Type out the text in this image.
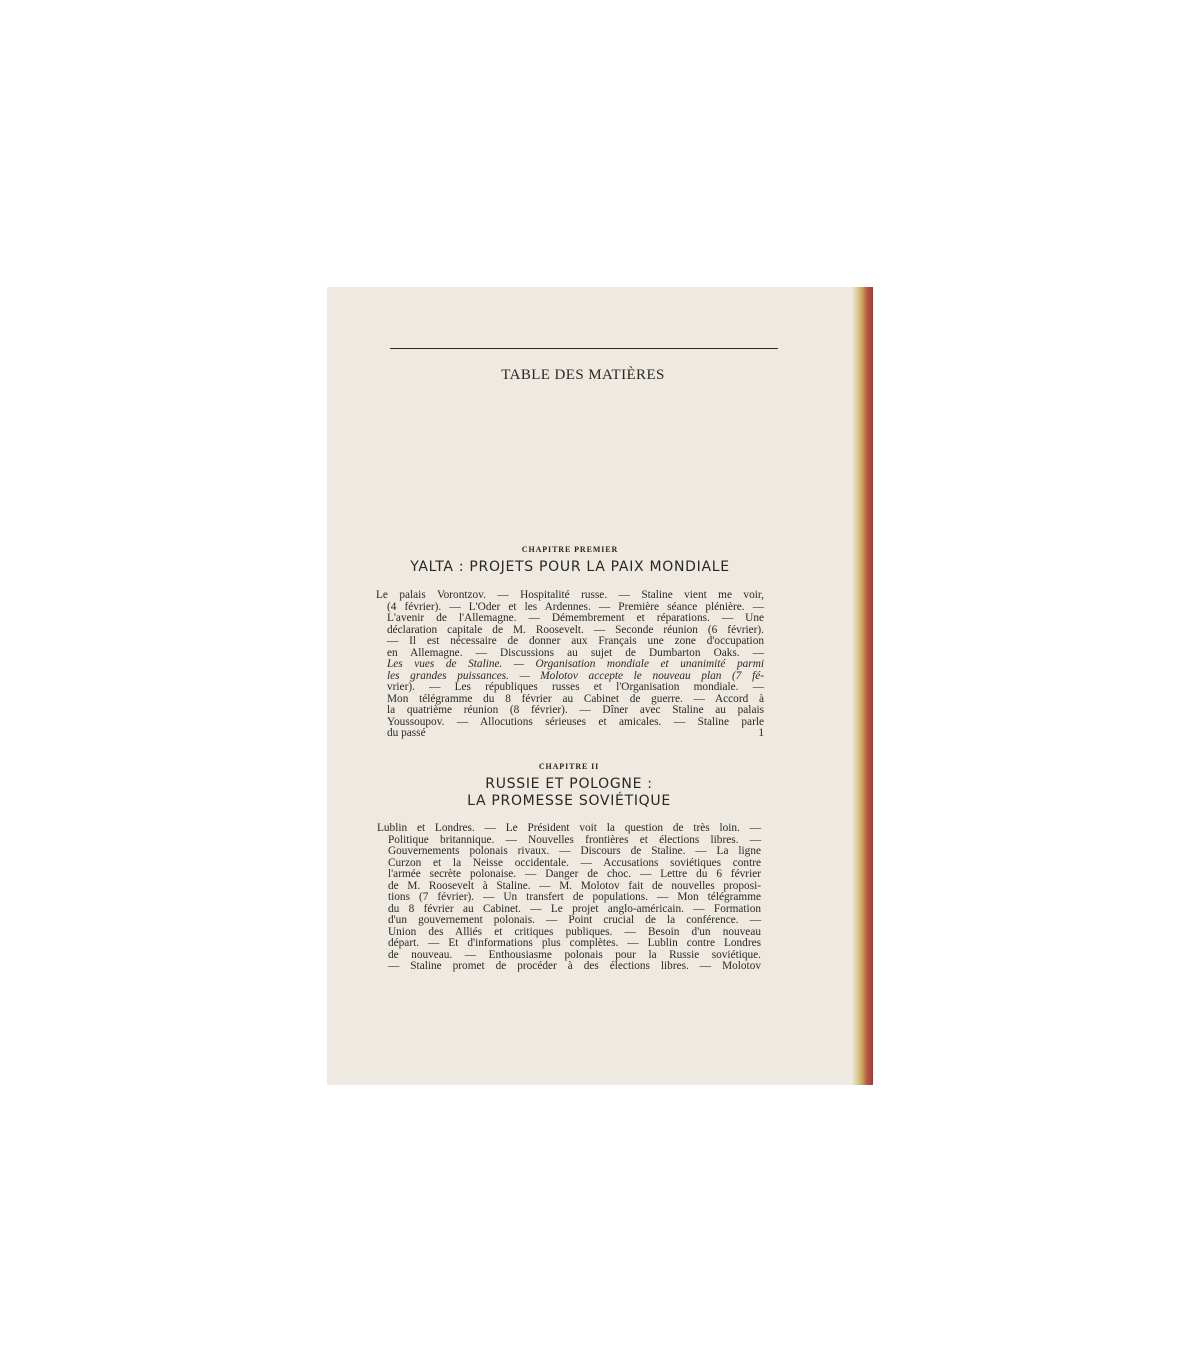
TABLE DES MATIÈRES
CHAPITRE PREMIER
YALTA : PROJETS POUR LA PAIX MONDIALE
Le palais Vorontzov. — Hospitalité russe. — Staline vient me voir,
(4 février). — L'Oder et les Ardennes. — Première séance plénière. —
L'avenir de l'Allemagne. — Démembrement et réparations. — Une
déclaration capitale de M. Roosevelt. — Seconde réunion (6 février).
— Il est nécessaire de donner aux Français une zone d'occupation
en Allemagne. — Discussions au sujet de Dumbarton Oaks. —
Les vues de Staline. — Organisation mondiale et unanimité parmi
les grandes puissances. — Molotov accepte le nouveau plan (7 fé-
vrier). — Les républiques russes et l'Organisation mondiale. —
Mon télégramme du 8 février au Cabinet de guerre. — Accord à
la quatrième réunion (8 février). — Dîner avec Staline au palais
Youssoupov. — Allocutions sérieuses et amicales. — Staline parle
du passé	1
CHAPITRE II
RUSSIE ET POLOGNE :
LA PROMESSE SOVIÉTIQUE
Lublin et Londres. — Le Président voit la question de très loin. —
Politique britannique. — Nouvelles frontières et élections libres. —
Gouvernements polonais rivaux. — Discours de Staline. — La ligne
Curzon et la Neisse occidentale. — Accusations soviétiques contre
l'armée secrète polonaise. — Danger de choc. — Lettre du 6 février
de M. Roosevelt à Staline. — M. Molotov fait de nouvelles proposi-
tions (7 février). — Un transfert de populations. — Mon télégramme
du 8 février au Cabinet. — Le projet anglo-américain. — Formation
d'un gouvernement polonais. — Point crucial de la conférence. —
Union des Alliés et critiques publiques. — Besoin d'un nouveau
départ. — Et d'informations plus complètes. — Lublin contre Londres
de nouveau. — Enthousiasme polonais pour la Russie soviétique.
— Staline promet de procéder à des élections libres. — Molotov
